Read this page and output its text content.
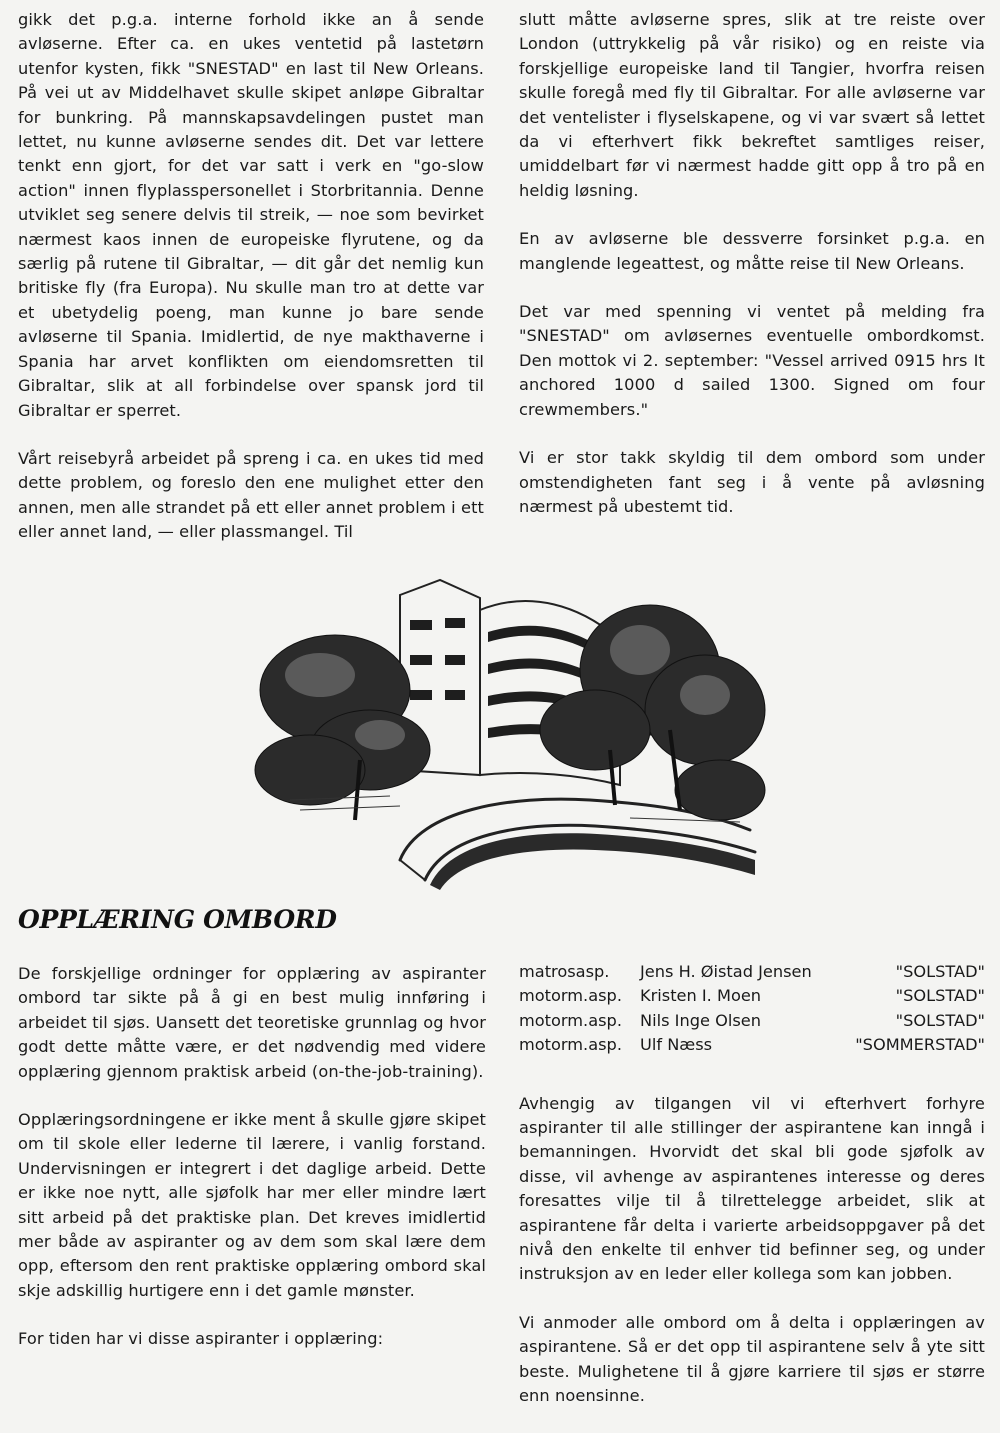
gikk det p.g.a. interne forhold ikke an å sende avløserne. Efter ca. en ukes ventetid på lastetørn utenfor kysten, fikk "SNESTAD" en last til New Orleans. På vei ut av Middelhavet skulle skipet anløpe Gibraltar for bunkring. På mannskapsavdelingen pustet man lettet, nu kunne avløserne sendes dit. Det var lettere tenkt enn gjort, for det var satt i verk en "go-slow action" innen flyplasspersonellet i Storbritannia. Denne utviklet seg senere delvis til streik, — noe som bevirket nærmest kaos innen de europeiske flyrutene, og da særlig på rutene til Gibraltar, — dit går det nemlig kun britiske fly (fra Europa). Nu skulle man tro at dette var et ubetydelig poeng, man kunne jo bare sende avløserne til Spania. Imidlertid, de nye makthaverne i Spania har arvet konflikten om eiendomsretten til Gibraltar, slik at all forbindelse over spansk jord til Gibraltar er sperret.

Vårt reisebyrå arbeidet på spreng i ca. en ukes tid med dette problem, og foreslo den ene mulighet etter den annen, men alle strandet på ett eller annet problem i ett eller annet land, — eller plassmangel. Til

slutt måtte avløserne spres, slik at tre reiste over London (uttrykkelig på vår risiko) og en reiste via forskjellige europeiske land til Tangier, hvorfra reisen skulle foregå med fly til Gibraltar. For alle avløserne var det ventelister i flyselskapene, og vi var svært så lettet da vi efterhvert fikk bekreftet samtliges reiser, umiddelbart før vi nærmest hadde gitt opp å tro på en heldig løsning.

En av avløserne ble dessverre forsinket p.g.a. en manglende legeattest, og måtte reise til New Orleans.

Det var med spenning vi ventet på melding fra "SNESTAD" om avløsernes eventuelle ombordkomst. Den mottok vi 2. september: "Vessel arrived 0915 hrs It anchored 1000 d sailed 1300. Signed om four crewmembers."

Vi er stor takk skyldig til dem ombord som under omstendigheten fant seg i å vente på avløsning nærmest på ubestemt tid.

OPPLÆRING OMBORD

De forskjellige ordninger for opplæring av aspiranter ombord tar sikte på å gi en best mulig innføring i arbeidet til sjøs. Uansett det teoretiske grunnlag og hvor godt dette måtte være, er det nødvendig med videre opplæring gjennom praktisk arbeid (on-the-job-training).

Opplæringsordningene er ikke ment å skulle gjøre skipet om til skole eller lederne til lærere, i vanlig forstand. Undervisningen er integrert i det daglige arbeid. Dette er ikke noe nytt, alle sjøfolk har mer eller mindre lært sitt arbeid på det praktiske plan. Det kreves imidlertid mer både av aspiranter og av dem som skal lære dem opp, eftersom den rent praktiske opplæring ombord skal skje adskillig hurtigere enn i det gamle mønster.

For tiden har vi disse aspiranter i opplæring:

matrosasp.	Jens H. Øistad Jensen	"SOLSTAD"
motorm.asp.	Kristen I. Moen	"SOLSTAD"
motorm.asp.	Nils Inge Olsen	"SOLSTAD"
motorm.asp.	Ulf Næss	"SOMMERSTAD"

Avhengig av tilgangen vil vi efterhvert forhyre aspiranter til alle stillinger der aspirantene kan inngå i bemanningen. Hvorvidt det skal bli gode sjøfolk av disse, vil avhenge av aspirantenes interesse og deres foresattes vilje til å tilrettelegge arbeidet, slik at aspirantene får delta i varierte arbeidsoppgaver på det nivå den enkelte til enhver tid befinner seg, og under instruksjon av en leder eller kollega som kan jobben.

Vi anmoder alle ombord om å delta i opplæringen av aspirantene. Så er det opp til aspirantene selv å yte sitt beste. Mulighetene til å gjøre karriere til sjøs er større enn noensinne.
